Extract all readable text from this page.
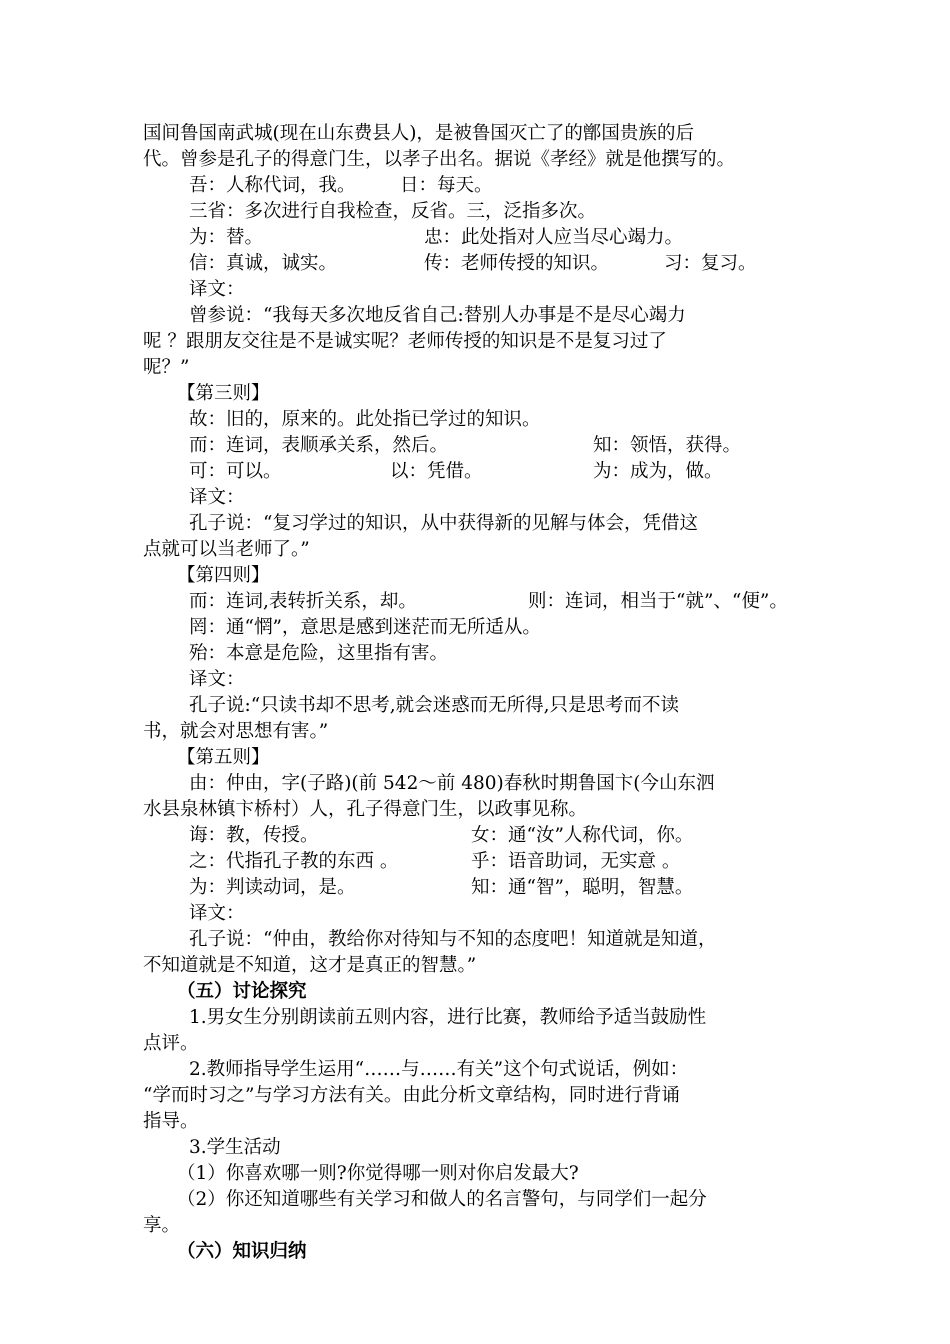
国间鲁国南武城(现在山东费县人)，是被鲁国灭亡了的鄫国贵族的后
代。曾参是孔子的得意门生，以孝子出名。据说《孝经》就是他撰写的。
吾：人称代词，我。 日：每天。
三省：多次进行自我检查，反省。三，泛指多次。
为：替。	忠：此处指对人应当尽心竭力。
信：真诚，诚实。	传：老师传授的知识。	习：复习。
译文：
曾参说：“我每天多次地反省自己:替别人办事是不是尽心竭力
呢 ？跟朋友交往是不是诚实呢？老师传授的知识是不是复习过了
呢？”
【第三则】
故：旧的，原来的。此处指已学过的知识。
而：连词，表顺承关系，然后。	知：领悟，获得。
可：可以。	以：凭借。	为：成为，做。
译文：
孔子说：“复习学过的知识，从中获得新的见解与体会，凭借这
点就可以当老师了。”
【第四则】
而：连词,表转折关系，却。	则：连词，相当于“就”、“便”。
罔：通“惘”，意思是感到迷茫而无所适从。
殆：本意是危险，这里指有害。
译文：
孔子说:“只读书却不思考,就会迷惑而无所得,只是思考而不读
书，就会对思想有害。”
【第五则】
由：仲由，字(子路)(前 542～前 480)春秋时期鲁国卞(今山东泗
水县泉林镇卞桥村）人，孔子得意门生，以政事见称。
诲：教，传授。	女：通“汝”人称代词，你。
之：代指孔子教的东西 。	乎：语音助词，无实意 。
为：判读动词，是。	知：通“智”，聪明，智慧。
译文：
孔子说：“仲由，教给你对待知与不知的态度吧！知道就是知道，
不知道就是不知道，这才是真正的智慧。”
（五）讨论探究
1.男女生分别朗读前五则内容，进行比赛，教师给予适当鼓励性
点评。
2.教师指导学生运用“……与……有关”这个句式说话，例如：
“学而时习之”与学习方法有关。由此分析文章结构，同时进行背诵
指导。
3.学生活动
（1）你喜欢哪一则?你觉得哪一则对你启发最大?
（2）你还知道哪些有关学习和做人的名言警句，与同学们一起分
享。
（六）知识归纳
